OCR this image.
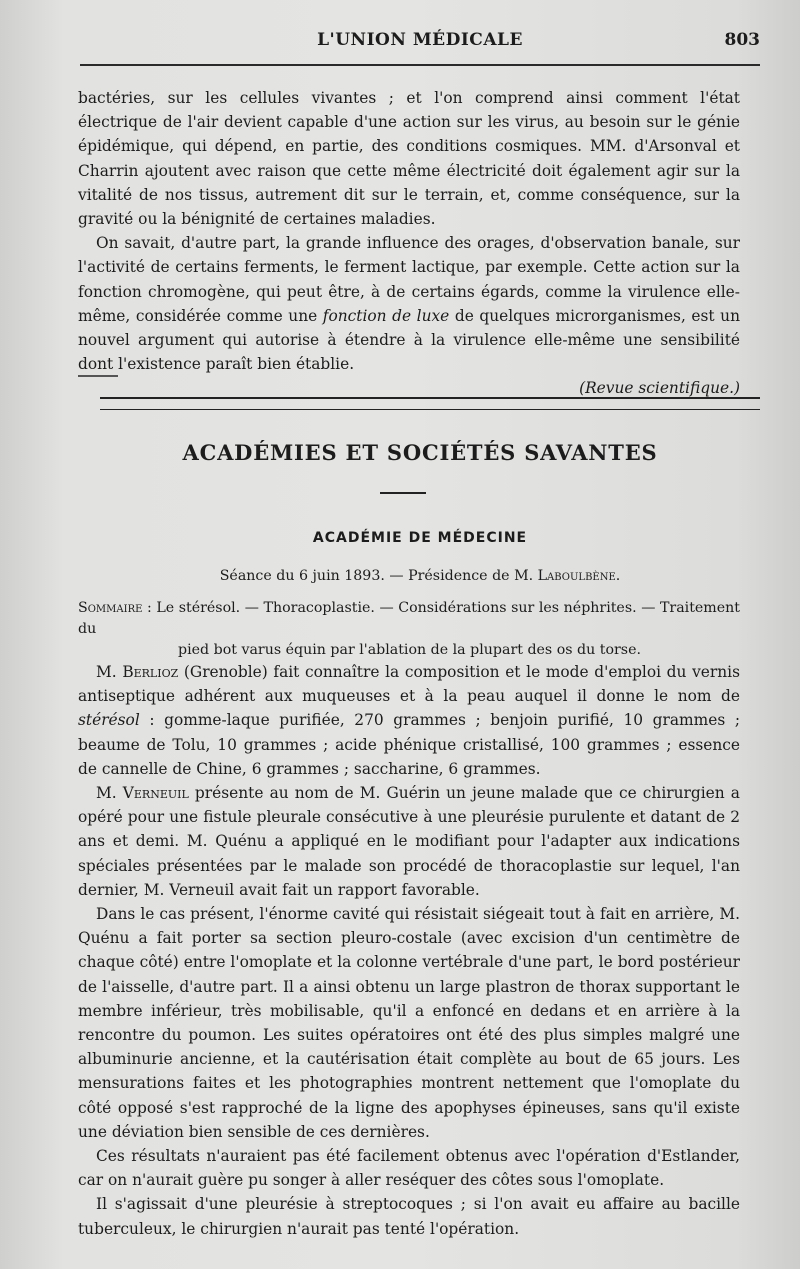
L'UNION MÉDICALE	803

bactéries, sur les cellules vivantes ; et l'on comprend ainsi comment l'état électrique de l'air devient capable d'une action sur les virus, au besoin sur le génie épidémique, qui dépend, en partie, des conditions cosmiques. MM. d'Arsonval et Charrin ajoutent avec raison que cette même électricité doit également agir sur la vitalité de nos tissus, autrement dit sur le terrain, et, comme conséquence, sur la gravité ou la bénignité de certaines maladies.

On savait, d'autre part, la grande influence des orages, d'observation banale, sur l'activité de certains ferments, le ferment lactique, par exemple. Cette action sur la fonction chromogène, qui peut être, à de certains égards, comme la virulence elle-même, considérée comme une fonction de luxe de quelques microrganismes, est un nouvel argument qui autorise à étendre à la virulence elle-même une sensibilité dont l'existence paraît bien établie.

(Revue scientifique.)

ACADÉMIES ET SOCIÉTÉS SAVANTES
ACADÉMIE DE MÉDECINE
Séance du 6 juin 1893. — Présidence de M. Laboulbène.
Sommaire : Le stérésol. — Thoracoplastie. — Considérations sur les néphrites. — Traitement du
pied bot varus équin par l'ablation de la plupart des os du torse.

M. Berlioz (Grenoble) fait connaître la composition et le mode d'emploi du vernis antiseptique adhérent aux muqueuses et à la peau auquel il donne le nom de stérésol : gomme-laque purifiée, 270 grammes ; benjoin purifié, 10 grammes ; beaume de Tolu, 10 grammes ; acide phénique cristallisé, 100 grammes ; essence de cannelle de Chine, 6 grammes ; saccharine, 6 grammes.

M. Verneuil présente au nom de M. Guérin un jeune malade que ce chirurgien a opéré pour une fistule pleurale consécutive à une pleurésie purulente et datant de 2 ans et demi. M. Quénu a appliqué en le modifiant pour l'adapter aux indications spéciales présentées par le malade son procédé de thoracoplastie sur lequel, l'an dernier, M. Verneuil avait fait un rapport favorable.

Dans le cas présent, l'énorme cavité qui résistait siégeait tout à fait en arrière, M. Quénu a fait porter sa section pleuro-costale (avec excision d'un centimètre de chaque côté) entre l'omoplate et la colonne vertébrale d'une part, le bord postérieur de l'aisselle, d'autre part. Il a ainsi obtenu un large plastron de thorax supportant le membre inférieur, très mobilisable, qu'il a enfoncé en dedans et en arrière à la rencontre du poumon. Les suites opératoires ont été des plus simples malgré une albuminurie ancienne, et la cautérisation était complète au bout de 65 jours. Les mensurations faites et les photographies montrent nettement que l'omoplate du côté opposé s'est rapproché de la ligne des apophyses épineuses, sans qu'il existe une déviation bien sensible de ces dernières.

Ces résultats n'auraient pas été facilement obtenus avec l'opération d'Estlander, car on n'aurait guère pu songer à aller reséquer des côtes sous l'omoplate.

Il s'agissait d'une pleurésie à streptocoques ; si l'on avait eu affaire au bacille tuberculeux, le chirurgien n'aurait pas tenté l'opération.
